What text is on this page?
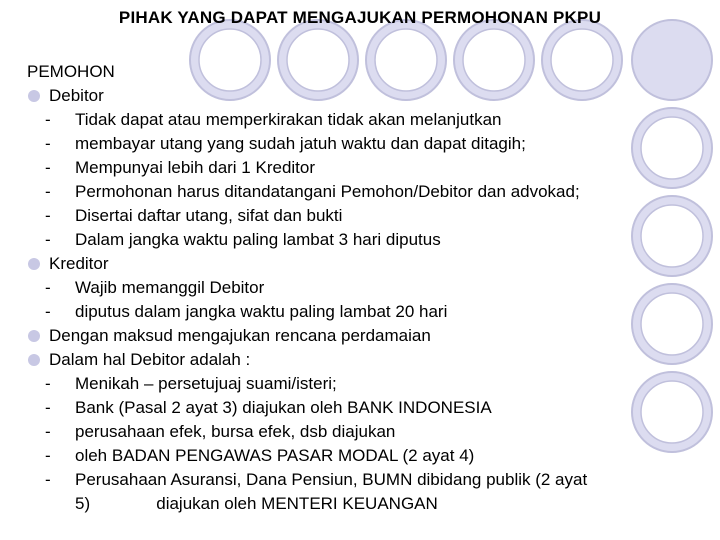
PIHAK YANG DAPAT MENGAJUKAN PERMOHONAN PKPU
PEMOHON
Debitor
- Tidak dapat atau memperkirakan tidak akan melanjutkan
- membayar utang yang sudah jatuh waktu dan dapat ditagih;
- Mempunyai lebih dari 1 Kreditor
- Permohonan harus ditandatangani Pemohon/Debitor dan advokad;
- Disertai daftar utang, sifat dan bukti
- Dalam jangka waktu paling lambat 3 hari diputus
Kreditor
- Wajib memanggil Debitor
- diputus dalam jangka waktu paling lambat 20 hari
Dengan maksud mengajukan rencana perdamaian
Dalam hal Debitor adalah :
- Menikah – persetujuaj suami/isteri;
- Bank (Pasal 2 ayat 3) diajukan oleh BANK INDONESIA
- perusahaan efek, bursa efek, dsb diajukan
- oleh BADAN PENGAWAS PASAR MODAL (2 ayat 4)
- Perusahaan Asuransi, Dana Pensiun, BUMN dibidang publik (2 ayat
5)              diajukan oleh MENTERI KEUANGAN
